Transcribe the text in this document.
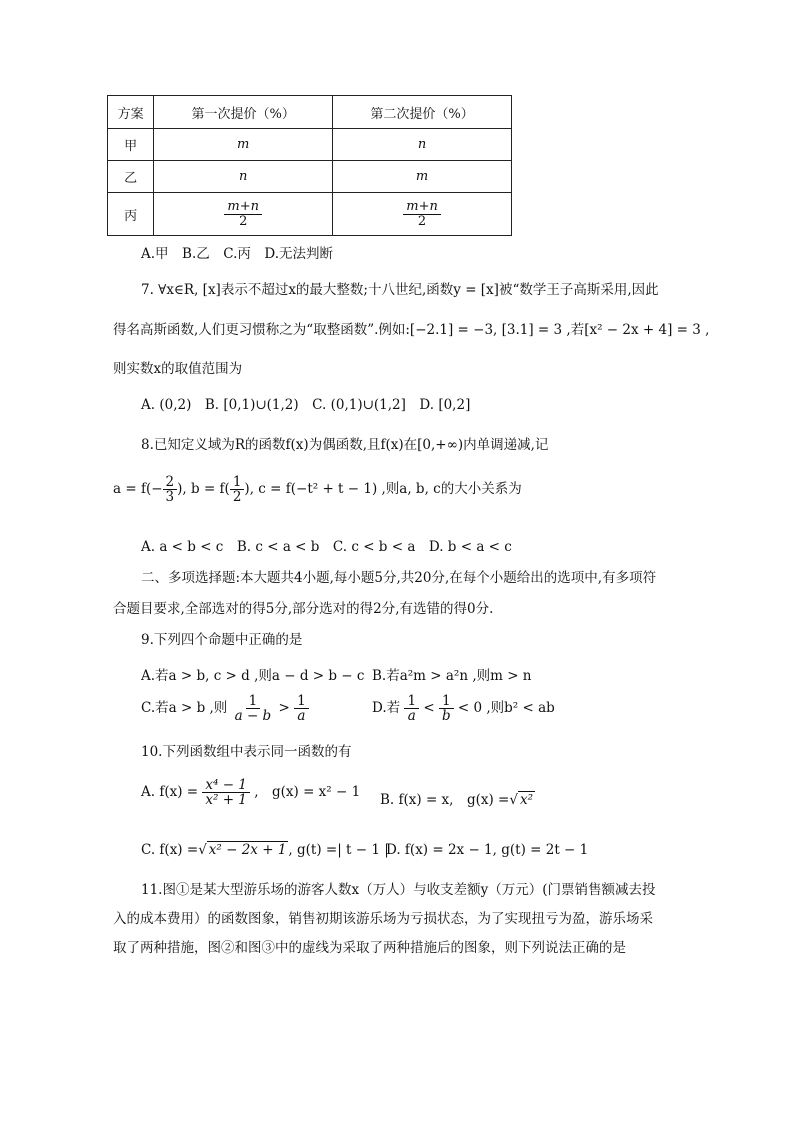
方案	第一次提价（%）	第二次提价（%）
甲	m	n
乙	n	m
丙	$\frac{m+n}{2}$	$\frac{m+n}{2}$
A.甲　B.乙　C.丙　D.无法判断
7. ∀x∈R, [x]表示不超过x的最大整数;十八世纪,函数y = [x]被“数学王子高斯采用,因此
得名高斯函数,人们更习惯称之为“取整函数”.例如:[−2.1] = −3, [3.1] = 3 ,若[x² − 2x + 4] = 3 ,
则实数x的取值范围为
A. (0,2)　B. [0,1)∪(1,2)　C. (0,1)∪(1,2]　D. [0,2]
8.已知定义域为R的函数f(x)为偶函数,且f(x)在[0,+∞)内单调递减,记
$a = f(- \frac{2}{3}$ ), $b = f( \frac{1}{2}$ ), c = f(−t² + t − 1) ,则a, b, c的大小关系为
A. a < b < c　B. c < a < b　C. c < b < a　D. b < a < c
二、多项选择题:本大题共4小题,每小题5分,共20分,在每个小题给出的选项中,有多项符
合题目要求,全部选对的得5分,部分选对的得2分,有选错的得0分.
9.下列四个命题中正确的是
A.若a > b, c > d ,则a − d > b − c B.若a²m > a²n ,则m > n
C.若a > b ,则 $\frac{1}{a - b} > \frac{1}{a}$	D.若 $\frac{1}{a} < \frac{1}{b} < 0$ ,则b² < ab
10.下列函数组中表示同一函数的有
A. $f(x) = \frac{\text{x⁴ − 1}}{\text{x² + 1}}$ ,　g(x) = x² − 1 B. f(x) = x,　g(x) =√ x²
C. f(x) =√ x² − 2x + 1 , g(t) =| t − 1 |
D. f(x) = 2x − 1, g(t) = 2t − 1
11.图①是某大型游乐场的游客人数x（万人）与收支差额y（万元）(门票销售额减去投
入的成本费用）的函数图象，销售初期该游乐场为亏损状态，为了实现扭亏为盈，游乐场采
取了两种措施，图②和图③中的虚线为采取了两种措施后的图象，则下列说法正确的是
